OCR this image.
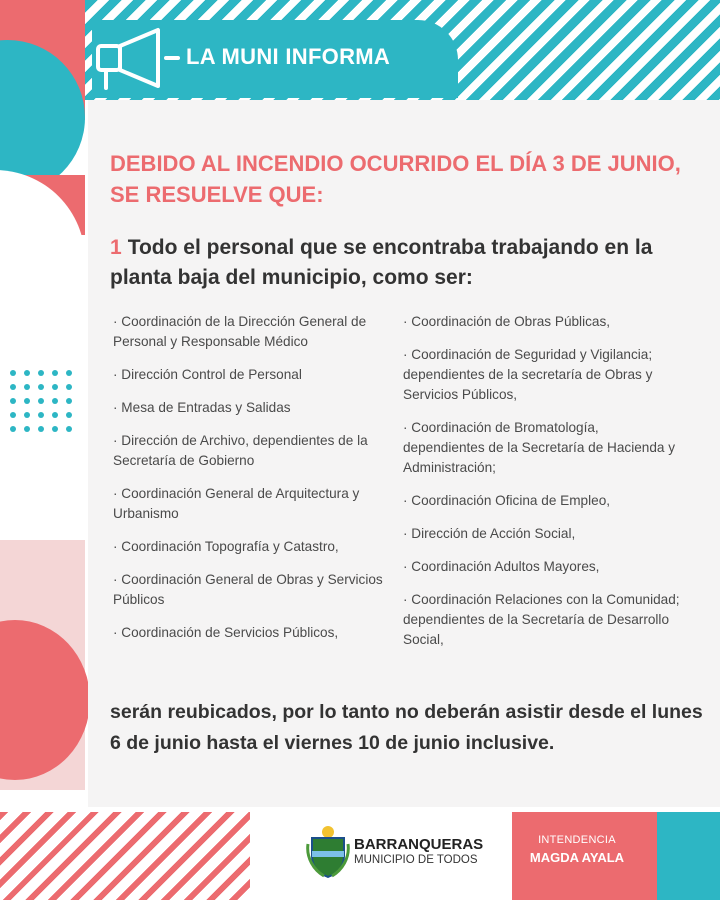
LA MUNI INFORMA
DEBIDO AL INCENDIO OCURRIDO EL DÍA 3 DE JUNIO, SE RESUELVE QUE:
1 Todo el personal que se encontraba trabajando en la planta baja del municipio, como ser:

· Coordinación de la Dirección General de Personal y Responsable Médico

· Dirección Control de Personal

· Mesa de Entradas y Salidas

· Dirección de Archivo, dependientes de la Secretaría de Gobierno

· Coordinación General de Arquitectura y Urbanismo

· Coordinación Topografía y Catastro,

· Coordinación General de Obras y Servicios Públicos

· Coordinación de Servicios Públicos,

· Coordinación de Obras Públicas,

· Coordinación de Seguridad y Vigilancia; dependientes de la secretaría de Obras y Servicios Públicos,

· Coordinación de Bromatología, dependientes de la Secretaría de Hacienda y Administración;

· Coordinación Oficina de Empleo,

· Dirección de Acción Social,

· Coordinación Adultos Mayores,

· Coordinación Relaciones con la Comunidad; dependientes de la Secretaría de Desarrollo Social,

serán reubicados, por lo tanto no deberán asistir desde el lunes 6 de junio hasta el viernes 10 de junio inclusive.
BARRANQUERAS
MUNICIPIO DE TODOS
INTENDENCIA
MAGDA AYALA
